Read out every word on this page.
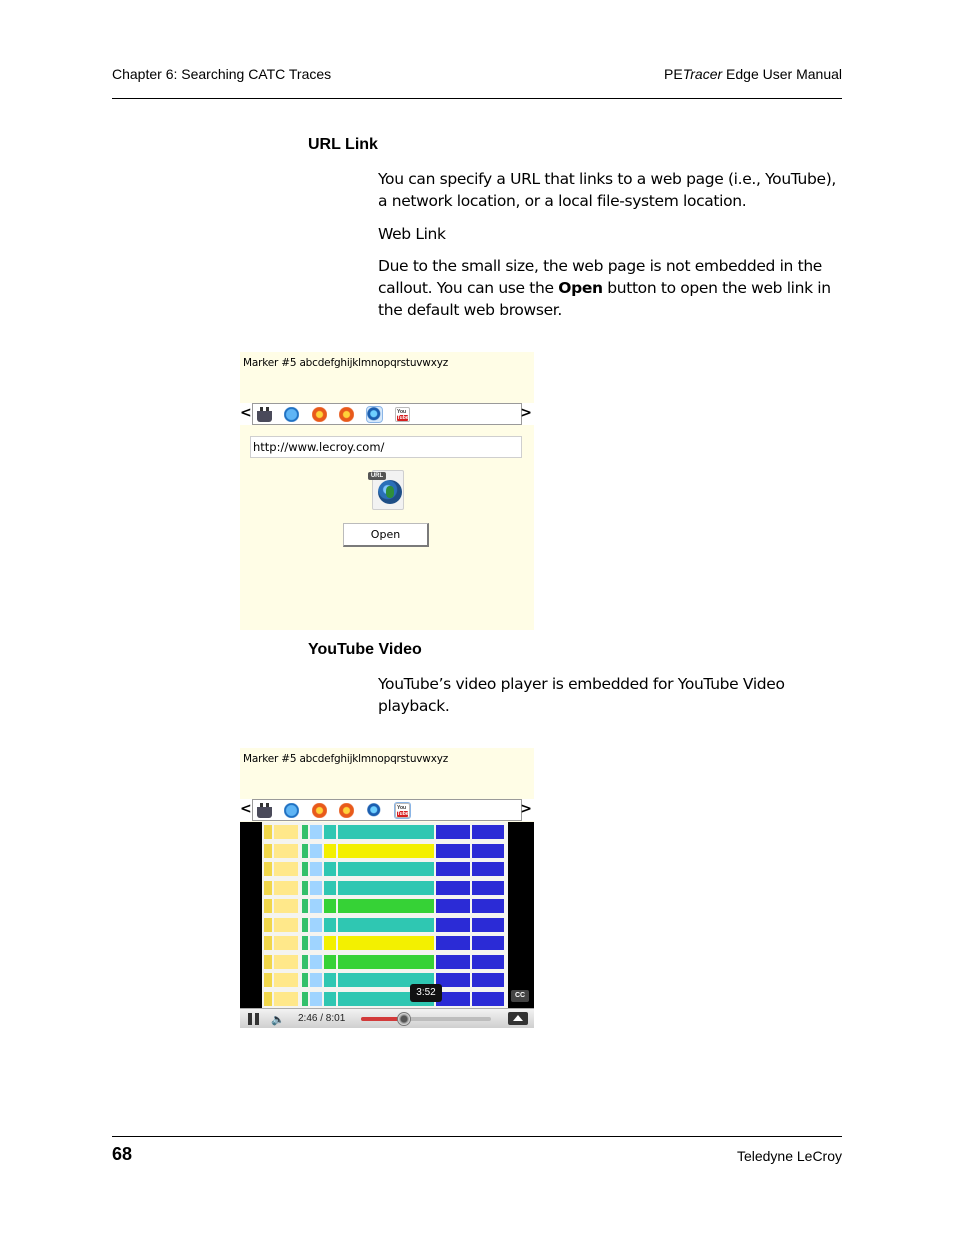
Chapter 6: Searching CATC Traces	PETracer Edge User Manual
URL Link
You can specify a URL that links to a web page (i.e., YouTube), a network location, or a local file-system location.
Web Link
Due to the small size, the web page is not embedded in the callout. You can use the Open button to open the web link in the default web browser.
Marker #5 abcdefghijklmnopqrstuvwxyz
<	You
Tube	>
http://www.lecroy.com/
URL
Open
YouTube Video
YouTube’s video player is embedded for YouTube Video playback.
Marker #5 abcdefghijklmnopqrstuvwxyz
<	You
Tube	>
3:52	CC
🔈 2:46 / 8:01
68	Teledyne LeCroy
